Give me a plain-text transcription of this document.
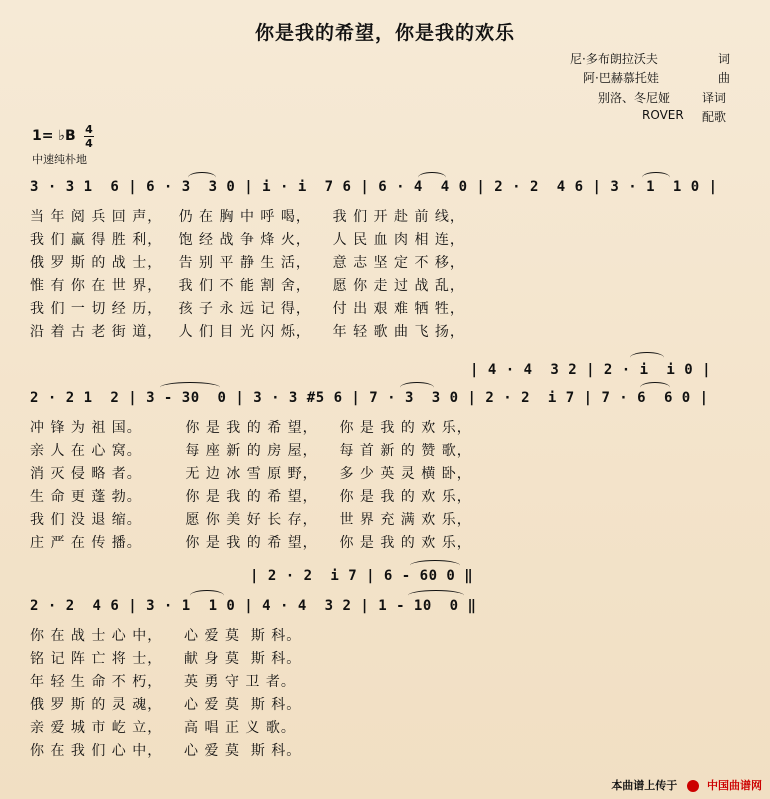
你是我的希望，你是我的欢乐
尼·多布朗拉沃夫	词
阿·巴赫慕托娃	曲
别洛、冬尼娅	译词
ROVER 配歌
1= ♭B 4
4
中速纯朴地
3 · 3 1  6 | 6 · 3  3 0 | i · i  7 6 | 6 · 4  4 0 | 2 · 2  4 6 | 3 · 1  1 0 |
当 年 阅 兵 回 声，   仍 在 胸 中 呼 喝，    我 们 开 赴 前 线，
我 们 赢 得 胜 利，   饱 经 战 争 烽 火，    人 民 血 肉 相 连，
俄 罗 斯 的 战 士，   告 别 平 静 生 活，    意 志 坚 定 不 移，
惟 有 你 在 世 界，   我 们 不 能 割 舍，    愿 你 走 过 战 乱，
我 们 一 切 经 历，   孩 子 永 远 记 得，    付 出 艰 难 牺 牲，
沿 着 古 老 街 道，   人 们 目 光 闪 烁，    年 轻 歌 曲 飞 扬，
| 4 · 4  3 2 | 2 · i  i 0 |
2 · 2 1  2 | 3 - 30  0 | 3 · 3 #5 6 | 7 · 3  3 0 | 2 · 2  i 7 | 7 · 6  6 0 |
冲 锋 为 祖 国。        你 是 我 的 希 望，    你 是 我 的 欢 乐，
亲 人 在 心 窝。        每 座 新 的 房 屋，    每 首 新 的 赞 歌，
消 灭 侵 略 者。        无 边 冰 雪 原 野，    多 少 英 灵 横 卧，
生 命 更 蓬 勃。        你 是 我 的 希 望，    你 是 我 的 欢 乐，
我 们 没 退 缩。        愿 你 美 好 长 存，    世 界 充 满 欢 乐，
庄 严 在 传 播。        你 是 我 的 希 望，    你 是 我 的 欢 乐，
| 2 · 2  i 7 | 6 - 60 0 ‖
2 · 2  4 6 | 3 · 1  1 0 | 4 · 4  3 2 | 1 - 10  0 ‖
你 在 战 士 心 中，    心 爱 莫  斯 科。
铭 记 阵 亡 将 士，    献 身 莫  斯 科。
年 轻 生 命 不 朽，    英 勇 守 卫 者。
俄 罗 斯 的 灵 魂，    心 爱 莫  斯 科。
亲 爱 城 市 屹 立，    高 唱 正 义 歌。
你 在 我 们 心 中，    心 爱 莫  斯 科。
本曲谱上传于	中国曲谱网
